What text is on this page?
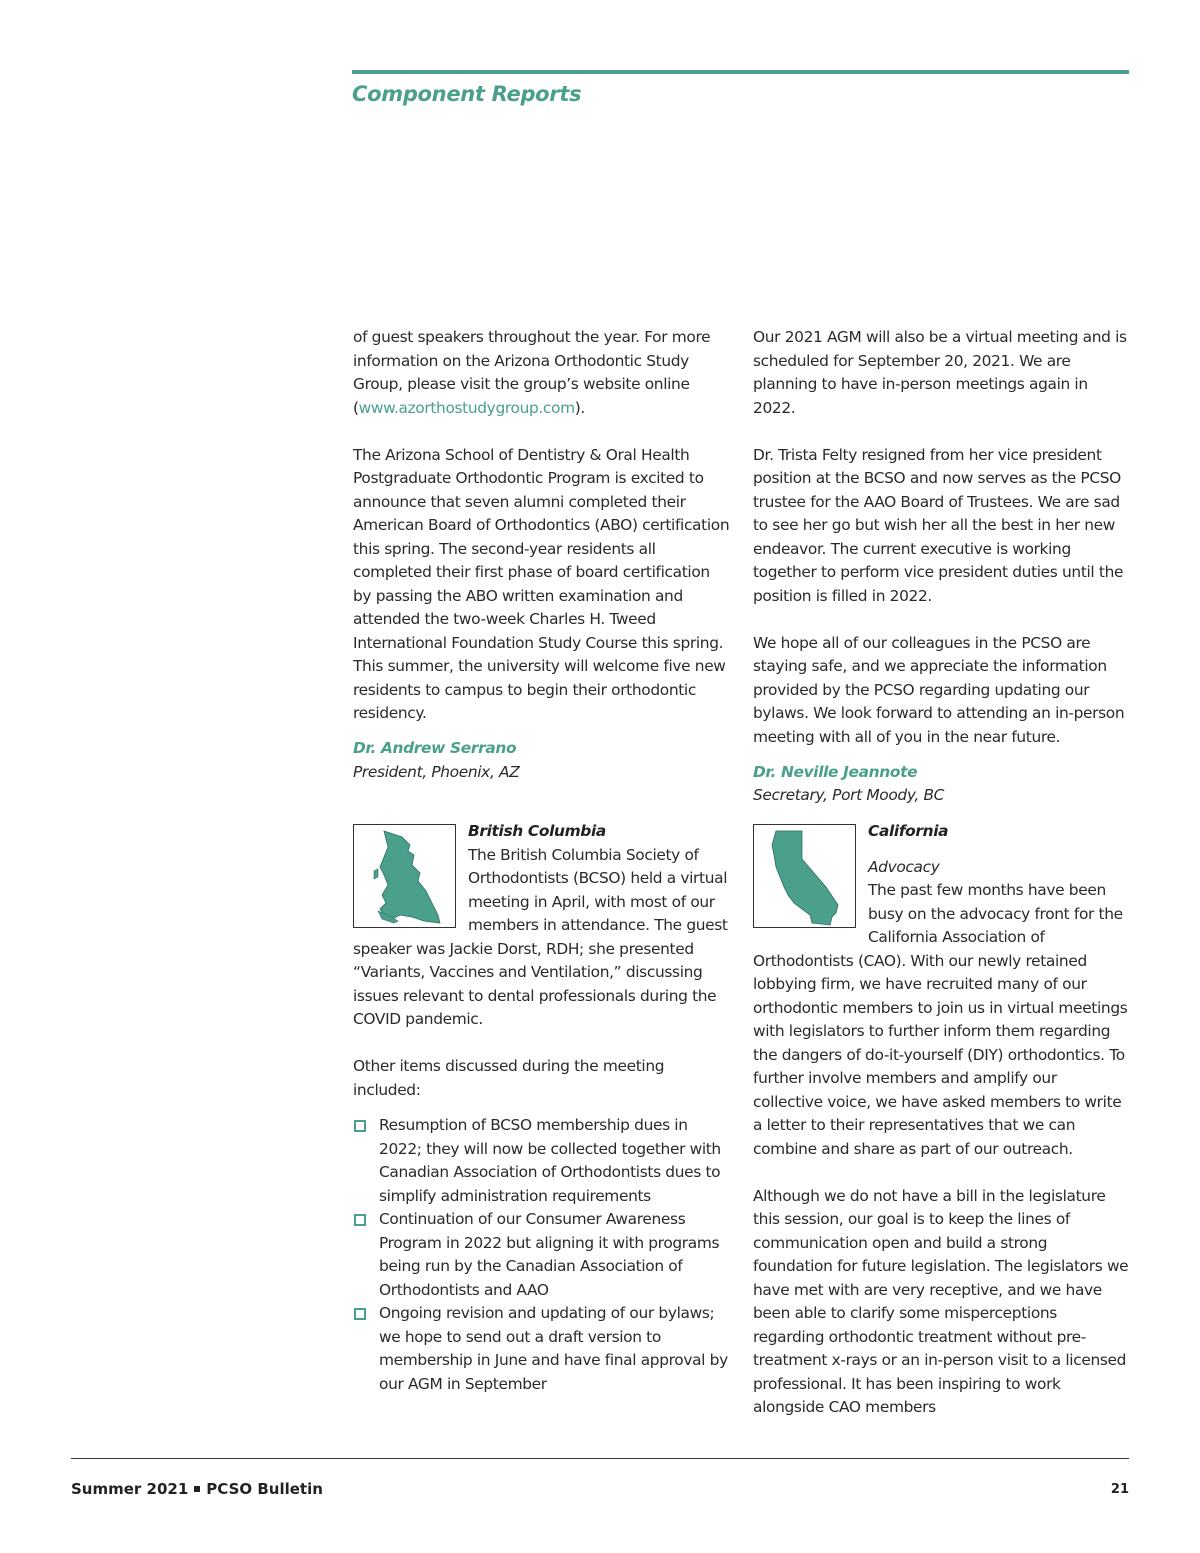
Component Reports

of guest speakers throughout the year. For more information on the Arizona Orthodontic Study Group, please visit the group’s website online (www.azorthostudygroup.com).

The Arizona School of Dentistry & Oral Health Postgraduate Orthodontic Program is excited to announce that seven alumni completed their American Board of Orthodontics (ABO) certification this spring. The second-year residents all completed their first phase of board certification by passing the ABO written examination and attended the two-week Charles H. Tweed International Foundation Study Course this spring. This summer, the university will welcome five new residents to campus to begin their orthodontic residency.

Dr. Andrew Serrano
President, Phoenix, AZ

Our 2021 AGM will also be a virtual meeting and is scheduled for September 20, 2021. We are planning to have in-person meetings again in 2022.

Dr. Trista Felty resigned from her vice president position at the BCSO and now serves as the PCSO trustee for the AAO Board of Trustees. We are sad to see her go but wish her all the best in her new endeavor. The current executive is working together to perform vice president duties until the position is filled in 2022.

We hope all of our colleagues in the PCSO are staying safe, and we appreciate the information provided by the PCSO regarding updating our bylaws. We look forward to attending an in-person meeting with all of you in the near future.

Dr. Neville Jeannote
Secretary, Port Moody, BC
British Columbia

The British Columbia Society of Orthodontists (BCSO) held a virtual meeting in April, with most of our members in attendance. The guest speaker was Jackie Dorst, RDH; she presented “Variants, Vaccines and Ventilation,” discussing issues relevant to dental professionals during the COVID pandemic.

Other items discussed during the meeting included:

Resumption of BCSO membership dues in 2022; they will now be collected together with Canadian Association of Orthodontists dues to simplify administration requirements
Continuation of our Consumer Awareness Program in 2022 but aligning it with programs being run by the Canadian Association of Orthodontists and AAO
Ongoing revision and updating of our bylaws; we hope to send out a draft version to membership in June and have final approval by our AGM in September
California
Advocacy

The past few months have been busy on the advocacy front for the California Association of Orthodontists (CAO). With our newly retained lobbying firm, we have recruited many of our orthodontic members to join us in virtual meetings with legislators to further inform them regarding the dangers of do-it-yourself (DIY) orthodontics. To further involve members and amplify our collective voice, we have asked members to write a letter to their representatives that we can combine and share as part of our outreach.

Although we do not have a bill in the legislature this session, our goal is to keep the lines of communication open and build a strong foundation for future legislation. The legislators we have met with are very receptive, and we have been able to clarify some misperceptions regarding orthodontic treatment without pre-treatment x-rays or an in-person visit to a licensed professional. It has been inspiring to work alongside CAO members

Summer 2021 PCSO Bulletin	21
